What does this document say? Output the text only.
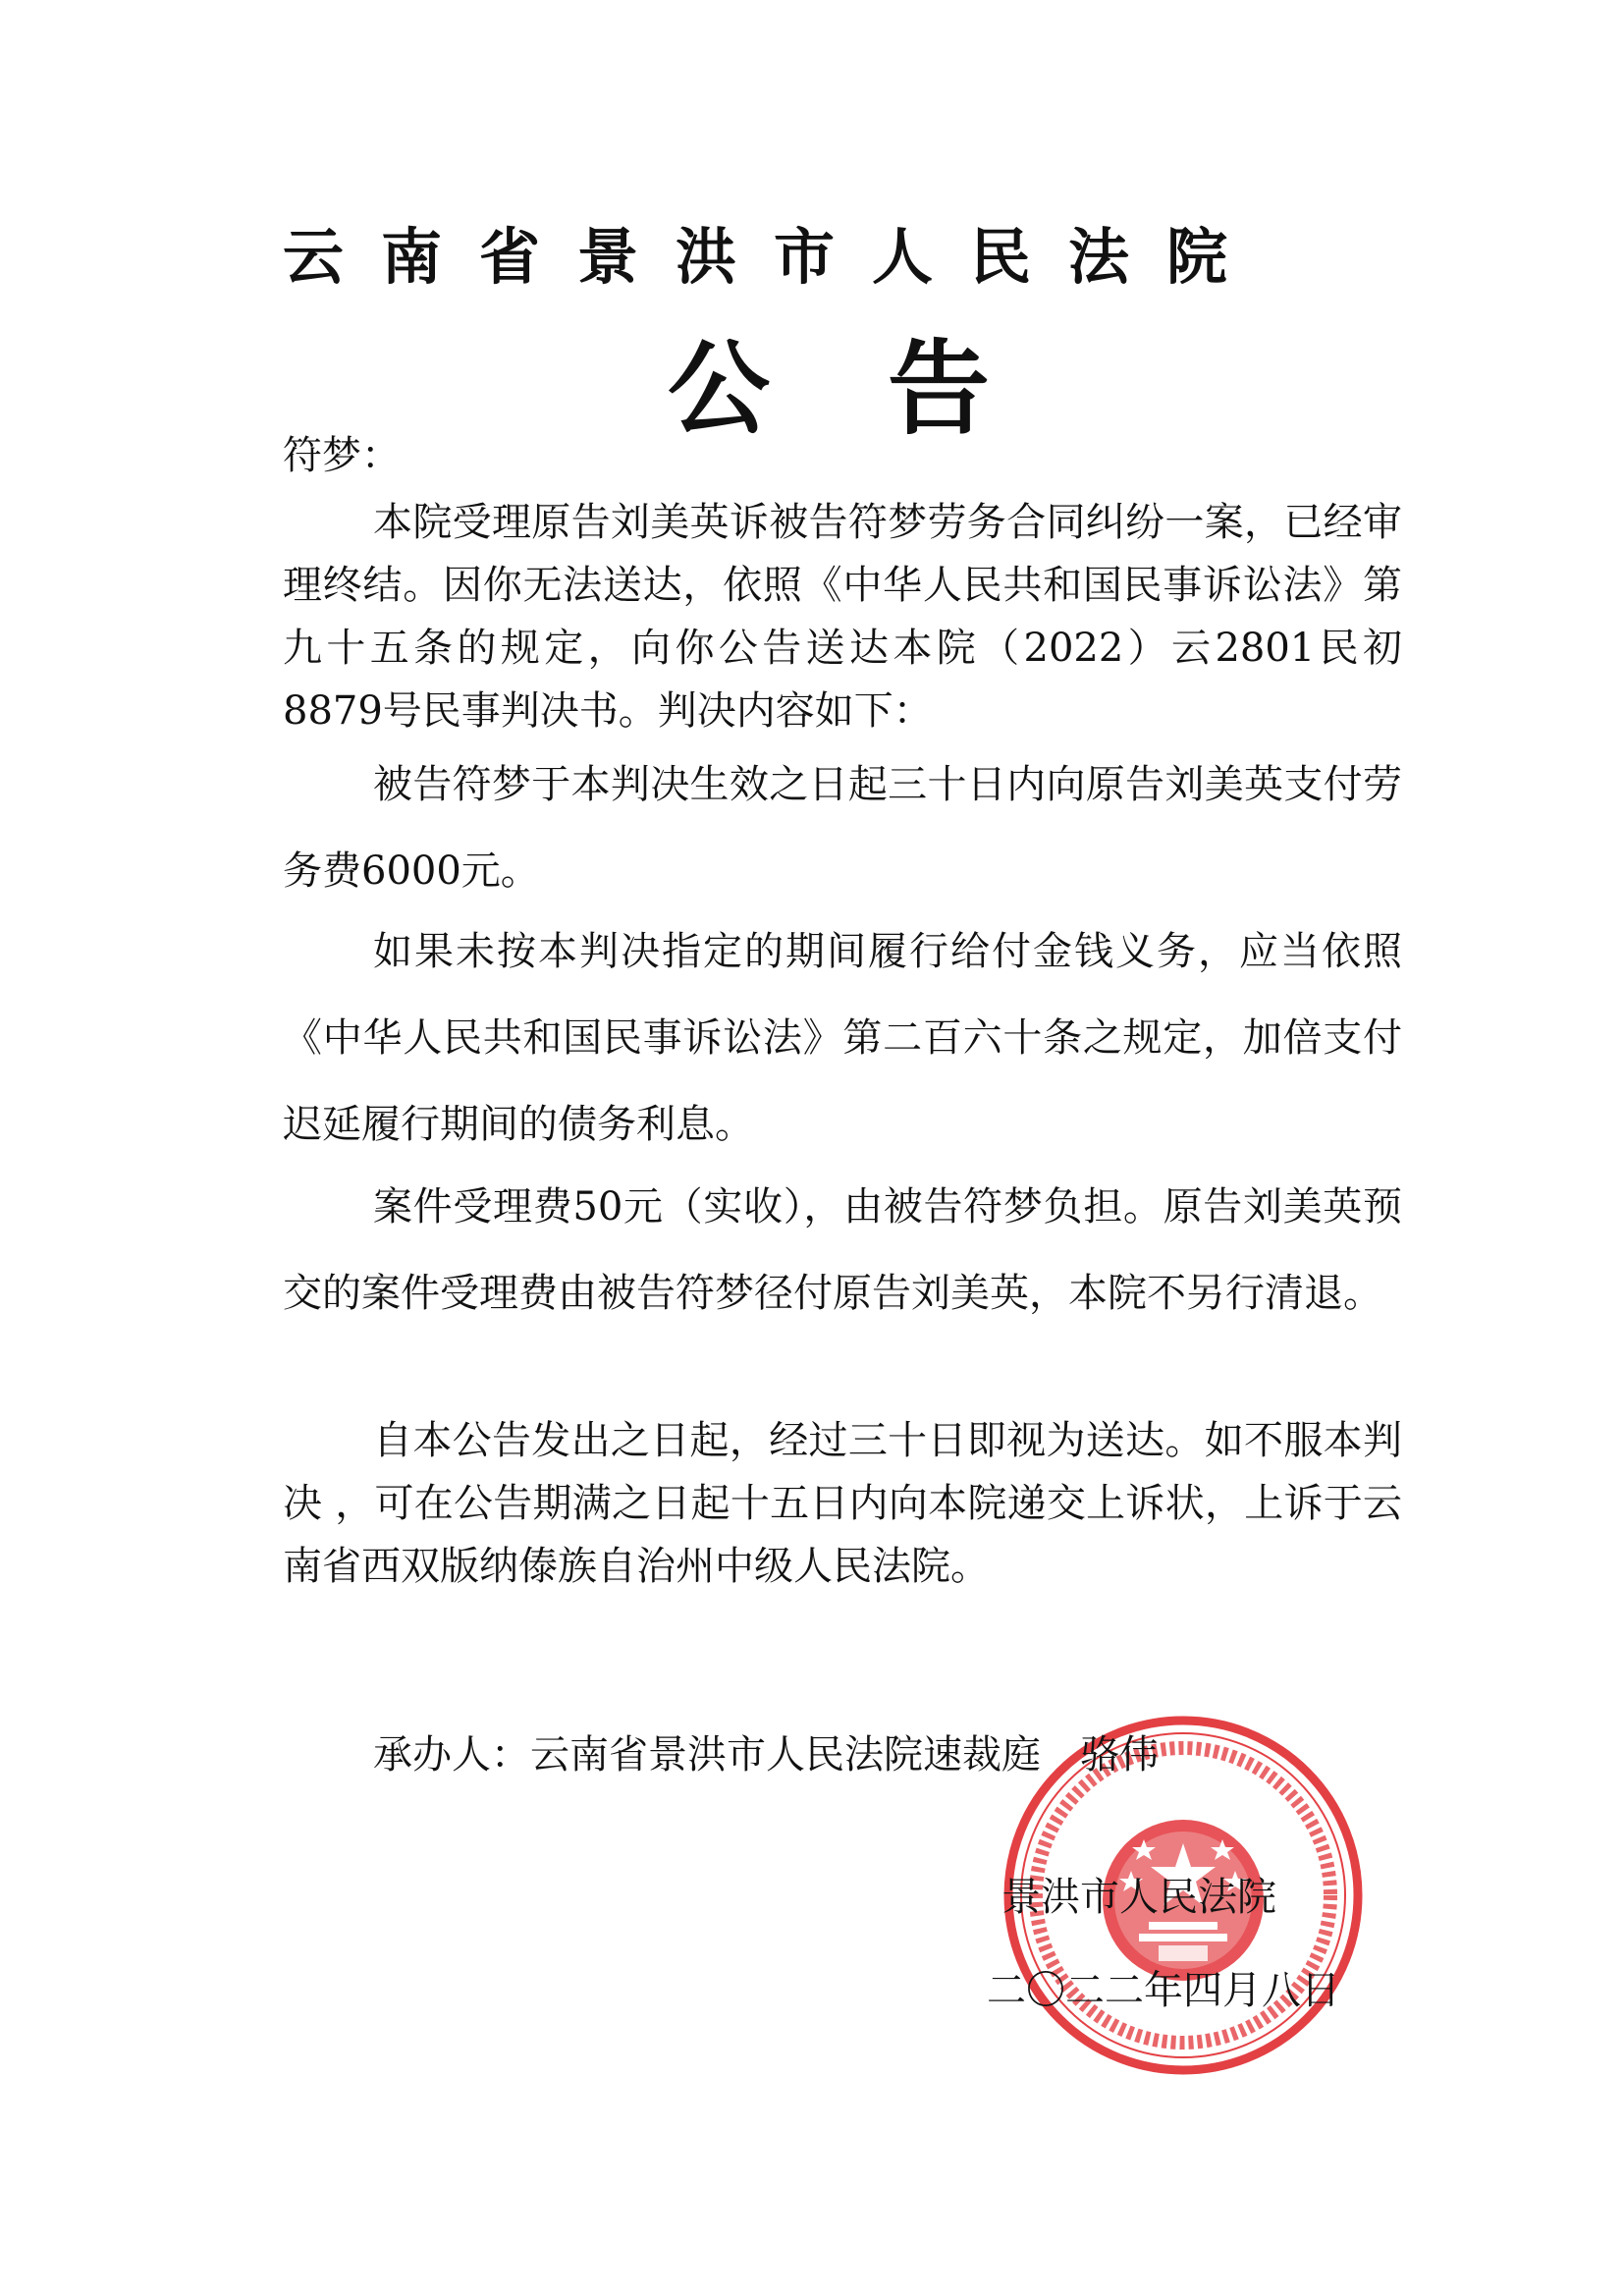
云南省景洪市人民法院
公告
符梦：

本院受理原告刘美英诉被告符梦劳务合同纠纷一案，已经审理终结。因你无法送达，依照《中华人民共和国民事诉讼法》第九十五条的规定，向你公告送达本院（2022）云2801民初8879号民事判决书。判决内容如下：

被告符梦于本判决生效之日起三十日内向原告刘美英支付劳务费6000元。

如果未按本判决指定的期间履行给付金钱义务，应当依照《中华人民共和国民事诉讼法》第二百六十条之规定，加倍支付迟延履行期间的债务利息。

案件受理费50元（实收），由被告符梦负担。原告刘美英预交的案件受理费由被告符梦径付原告刘美英，本院不另行清退。

自本公告发出之日起，经过三十日即视为送达。如不服本判决 ，可在公告期满之日起十五日内向本院递交上诉状，上诉于云南省西双版纳傣族自治州中级人民法院。

承办人：云南省景洪市人民法院速裁庭 骆伟
景洪市人民法院
二〇二二年四月八日
